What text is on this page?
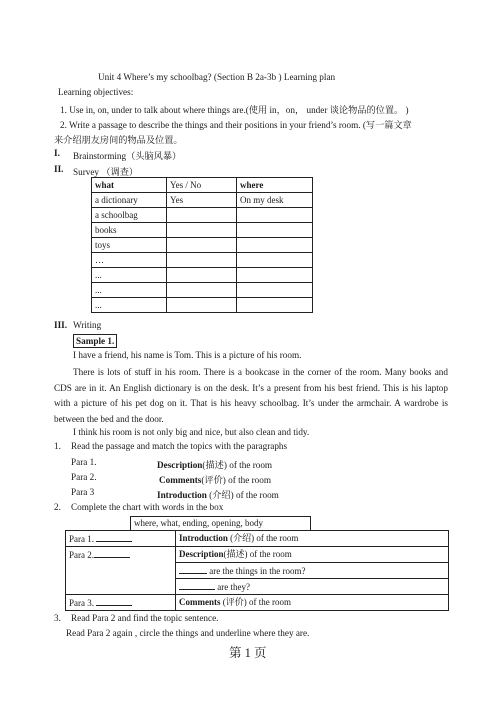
Unit 4 Where’s my schoolbag? (Section B 2a-3b ) Learning plan
Learning objectives:
1. Use in, on, under to talk about where things are.(使用 in，on， under 谈论物品的位置。 )
2. Write a passage to describe the things and their positions in your friend’s room. (写一篇文章
来介绍朋友房间的物品及位置。
I. Brainstorming（头脑风暴）
II. Survey （调查）
what	Yes / No	where
a dictionary	Yes	On my desk
a schoolbag		
books		
toys		
…		
...		
...		
...		
III. Writing
Sample 1.
I have a friend, his name is Tom. This is a picture of his room.
There is lots of stuff in his room. There is a bookcase in the corner of the room. Many books and CDS are in it. An English dictionary is on the desk. It’s a present from his best friend. This is his laptop with a picture of his pet dog on it. That is his heavy schoolbag. It’s under the armchair. A wardrobe is between the bed and the door.
I think his room is not only big and nice, but also clean and tidy.
1. Read the passage and match the topics with the paragraphs
Para 1.	Description(描述) of the room
Para 2.	Comments(评价) of the room
Para 3	Introduction (介绍) of the room
2. Complete the chart with words in the box
where, what, ending, opening, body
Para 1.	Introduction (介绍) of the room
Para 2.	Description(描述) of the room
	are the things in the room?
	are they?
Para 3.	Comments (评价) of the room
3. Read Para 2 and find the topic sentence.
Read Para 2 again , circle the things and underline where they are.
第 1 页
